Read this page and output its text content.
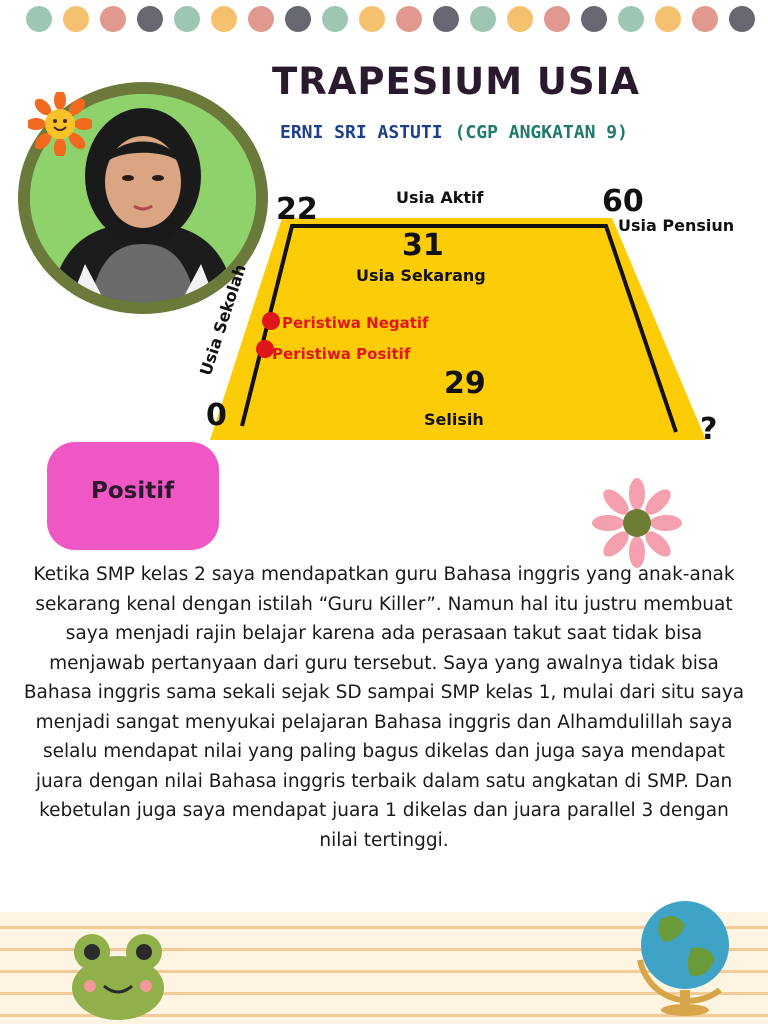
TRAPESIUM USIA
ERNI SRI ASTUTI (CGP ANGKATAN 9)
22	Usia Aktif	60
Usia Pensiun
31
Usia Sekarang
Usia Sekolah Peristiwa Negatif
Peristiwa Positif
29
Selisih
0	?
Positif
Ketika SMP kelas 2 saya mendapatkan guru Bahasa inggris yang anak-anak sekarang kenal dengan istilah “Guru Killer”. Namun hal itu justru membuat saya menjadi rajin belajar karena ada perasaan takut saat tidak bisa menjawab pertanyaan dari guru tersebut. Saya yang awalnya tidak bisa Bahasa inggris sama sekali sejak SD sampai SMP kelas 1, mulai dari situ saya menjadi sangat menyukai pelajaran Bahasa inggris dan Alhamdulillah saya selalu mendapat nilai yang paling bagus dikelas dan juga saya mendapat juara dengan nilai Bahasa inggris terbaik dalam satu angkatan di SMP. Dan kebetulan juga saya mendapat juara 1 dikelas dan juara parallel 3 dengan nilai tertinggi.
